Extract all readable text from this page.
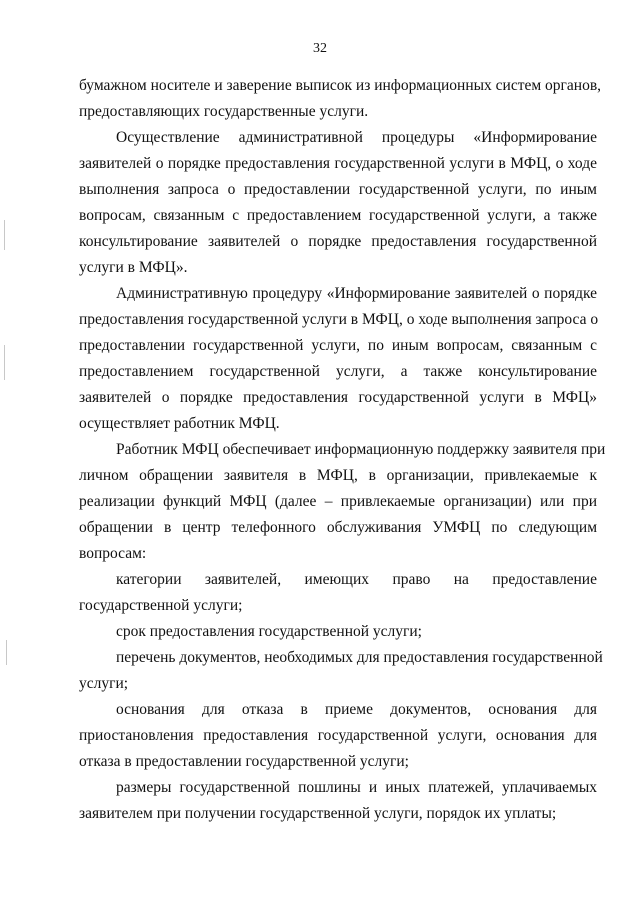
32
бумажном носителе и заверение выписок из информационных систем органов,
предоставляющих государственные услуги.
Осуществление административной процедуры «Информирование
заявителей о порядке предоставления государственной услуги в МФЦ, о ходе
выполнения запроса о предоставлении государственной услуги, по иным
вопросам, связанным с предоставлением государственной услуги, а также
консультирование заявителей о порядке предоставления государственной
услуги в МФЦ».
Административную процедуру «Информирование заявителей о порядке
предоставления государственной услуги в МФЦ, о ходе выполнения запроса о
предоставлении государственной услуги, по иным вопросам, связанным с
предоставлением государственной услуги, а также консультирование
заявителей о порядке предоставления государственной услуги в МФЦ»
осуществляет работник МФЦ.
Работник МФЦ обеспечивает информационную поддержку заявителя при
личном обращении заявителя в МФЦ, в организации, привлекаемые к
реализации функций МФЦ (далее – привлекаемые организации) или при
обращении в центр телефонного обслуживания УМФЦ по следующим
вопросам:
категории заявителей, имеющих право на предоставление
государственной услуги;
срок предоставления государственной услуги;
перечень документов, необходимых для предоставления государственной
услуги;
основания для отказа в приеме документов, основания для
приостановления предоставления государственной услуги, основания для
отказа в предоставлении государственной услуги;
размеры государственной пошлины и иных платежей, уплачиваемых
заявителем при получении государственной услуги, порядок их уплаты;
